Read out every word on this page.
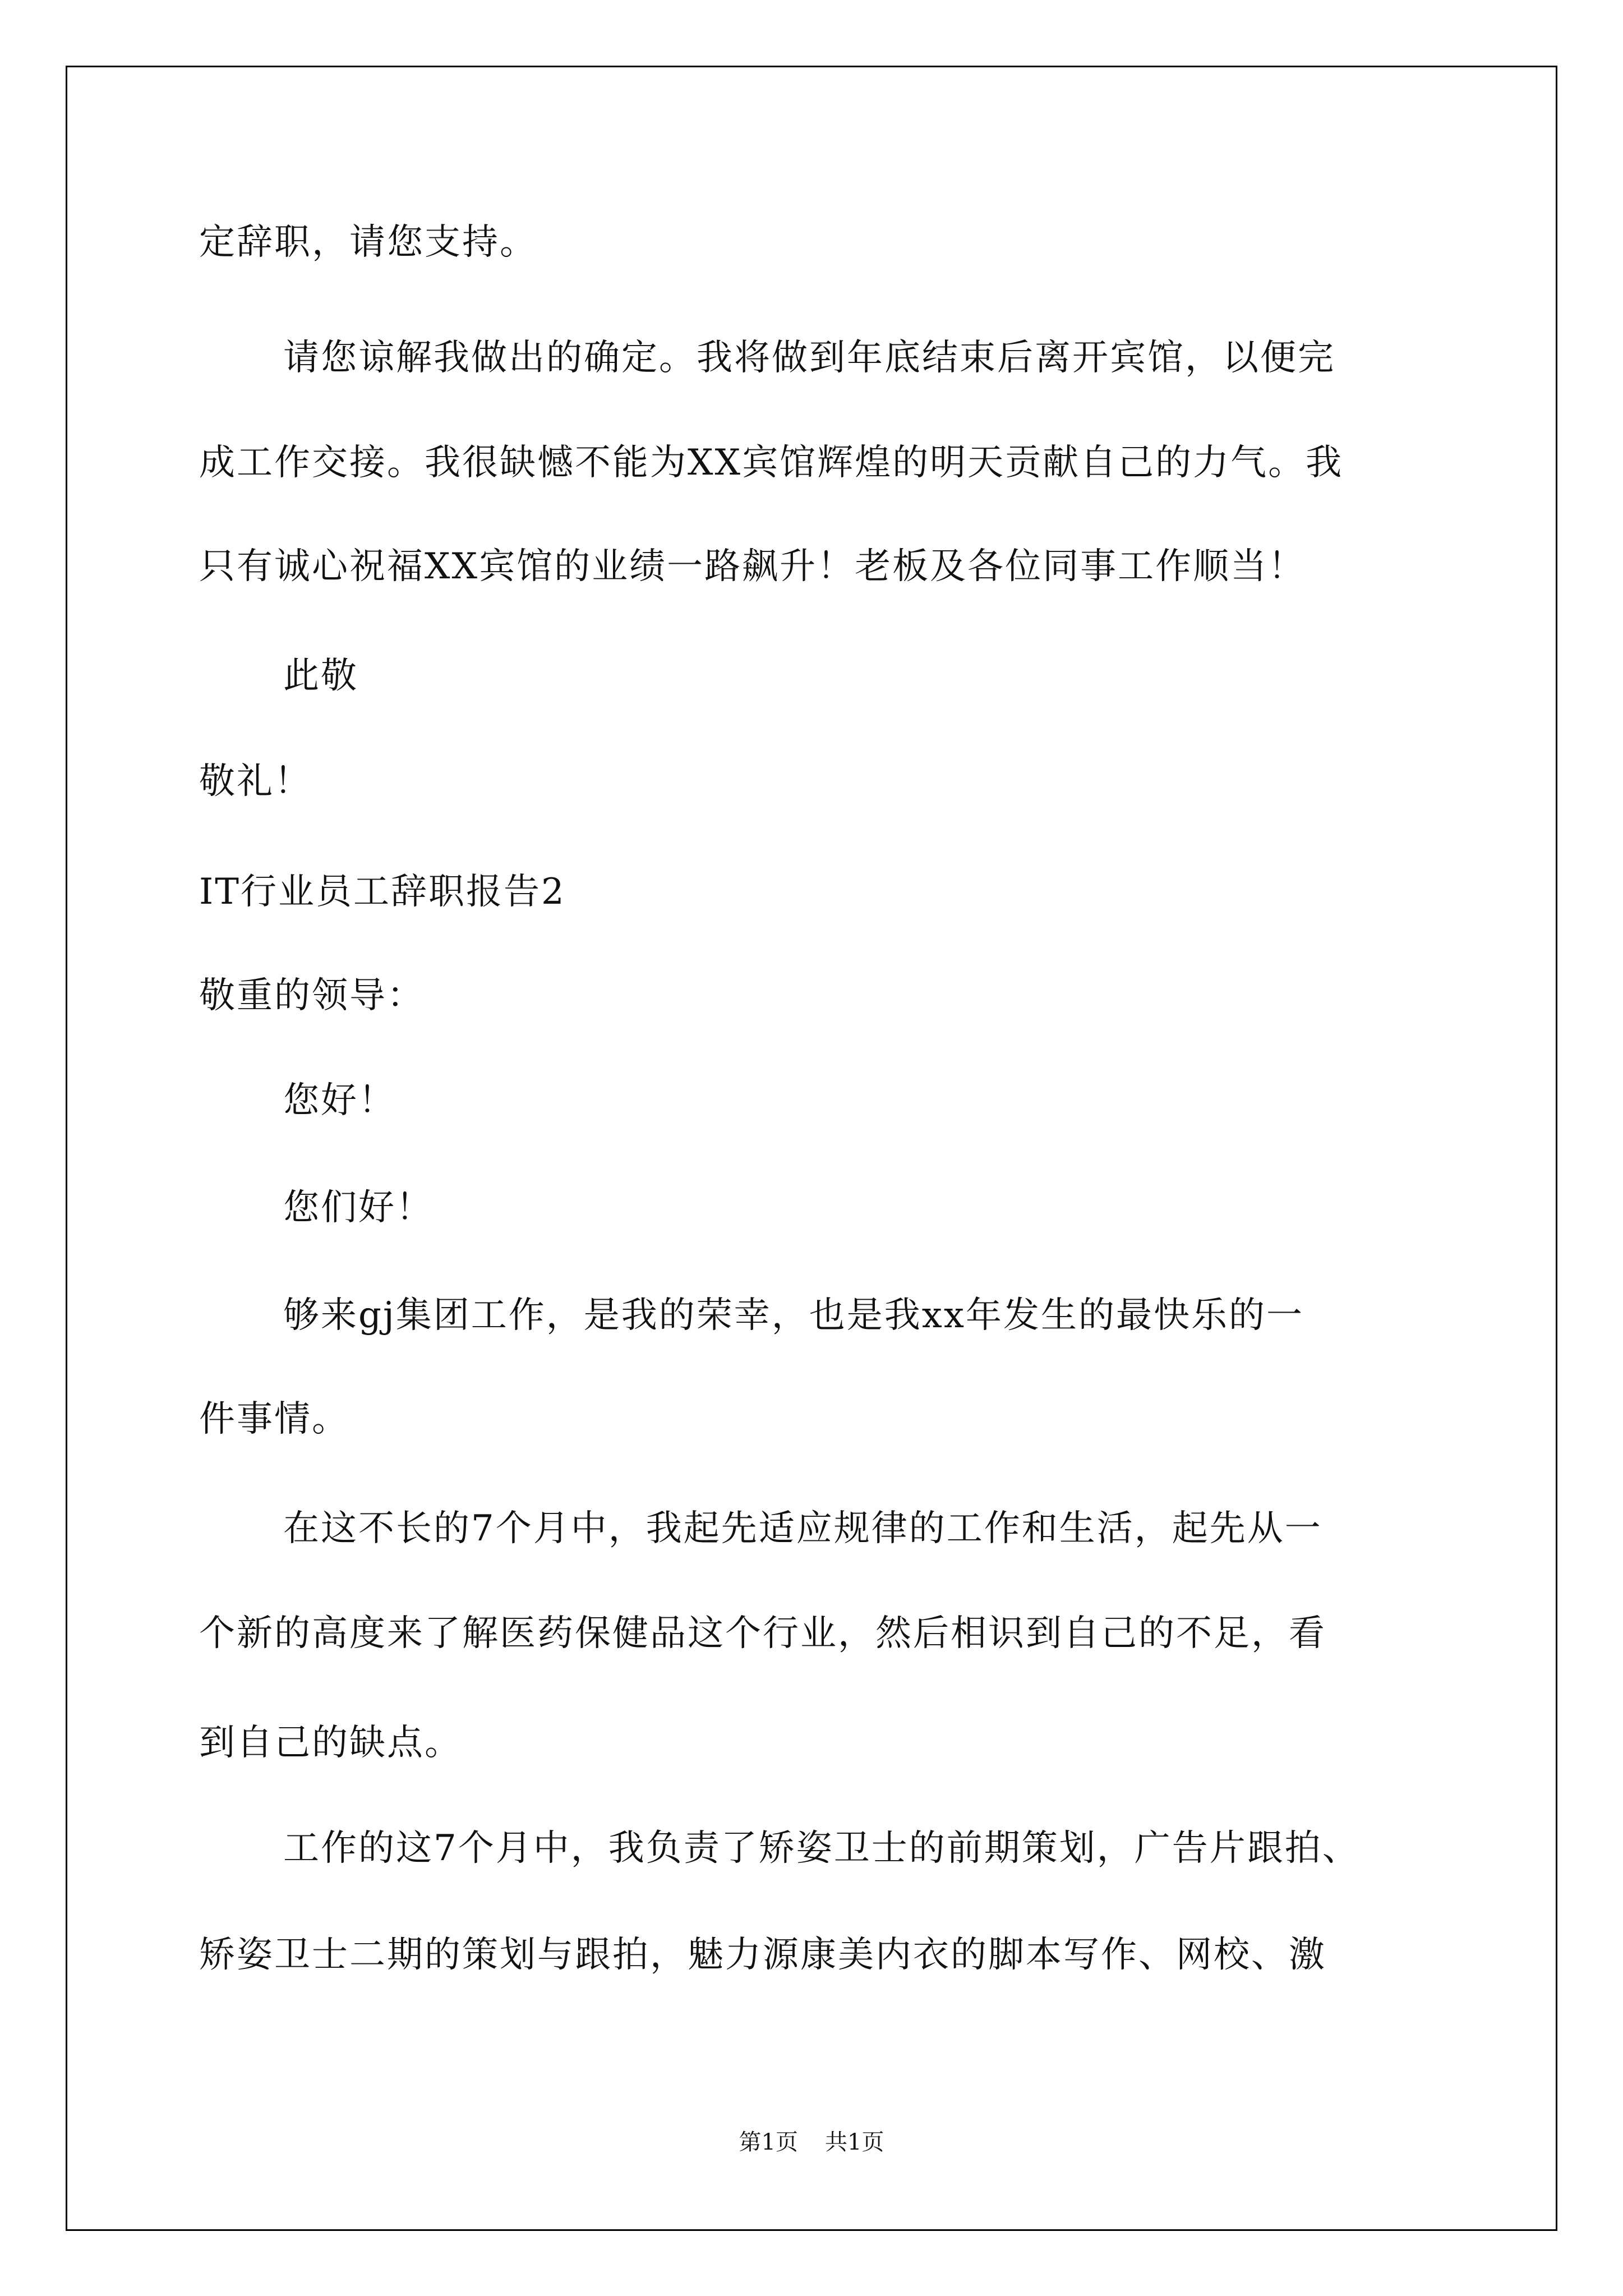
定辞职，请您支持。
请您谅解我做出的确定。我将做到年底结束后离开宾馆，以便完
成工作交接。我很缺憾不能为XX宾馆辉煌的明天贡献自己的力气。我
只有诚心祝福XX宾馆的业绩一路飙升！老板及各位同事工作顺当！
此敬
敬礼！
IT行业员工辞职报告2
敬重的领导：
您好！
您们好！
够来gj集团工作，是我的荣幸，也是我xx年发生的最快乐的一
件事情。
在这不长的7个月中，我起先适应规律的工作和生活，起先从一
个新的高度来了解医药保健品这个行业，然后相识到自己的不足，看
到自己的缺点。
工作的这7个月中，我负责了矫姿卫士的前期策划，广告片跟拍、
矫姿卫士二期的策划与跟拍，魅力源康美内衣的脚本写作、网校、激
第1页 共1页
